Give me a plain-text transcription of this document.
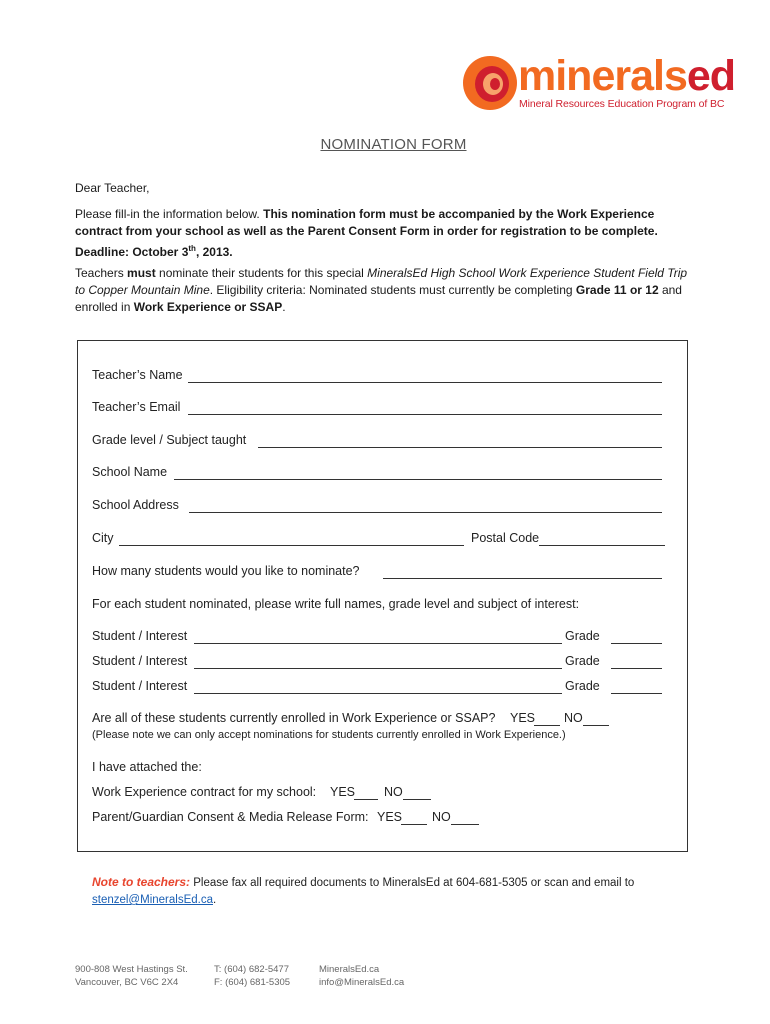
mineralsed
Mineral Resources Education Program of BC
NOMINATION FORM
Dear Teacher,
Please fill-in the information below. This nomination form must be accompanied by the Work Experience contract from your school as well as the Parent Consent Form in order for registration to be complete. Deadline: October 3th, 2013.
Teachers must nominate their students for this special MineralsEd High School Work Experience Student Field Trip to Copper Mountain Mine. Eligibility criteria: Nominated students must currently be completing Grade 11 or 12 and enrolled in Work Experience or SSAP.
Teacher’s Name
Teacher’s Email
Grade level / Subject taught
School Name
School Address
City	Postal Code
How many students would you like to nominate?
For each student nominated, please write full names, grade level and subject of interest:
Student / Interest	Grade
Student / Interest	Grade
Student / Interest	Grade
Are all of these students currently enrolled in Work Experience or SSAP? YES NO
(Please note we can only accept nominations for students currently enrolled in Work Experience.)
I have attached the:
Work Experience contract for my school: YES NO
Parent/Guardian Consent & Media Release Form: YES NO
Note to teachers: Please fax all required documents to MineralsEd at 604-681-5305 or scan and email to stenzel@MineralsEd.ca.
900-808 West Hastings St.
Vancouver, BC V6C 2X4
T: (604) 682-5477
F: (604) 681-5305
MineralsEd.ca
info@MineralsEd.ca
